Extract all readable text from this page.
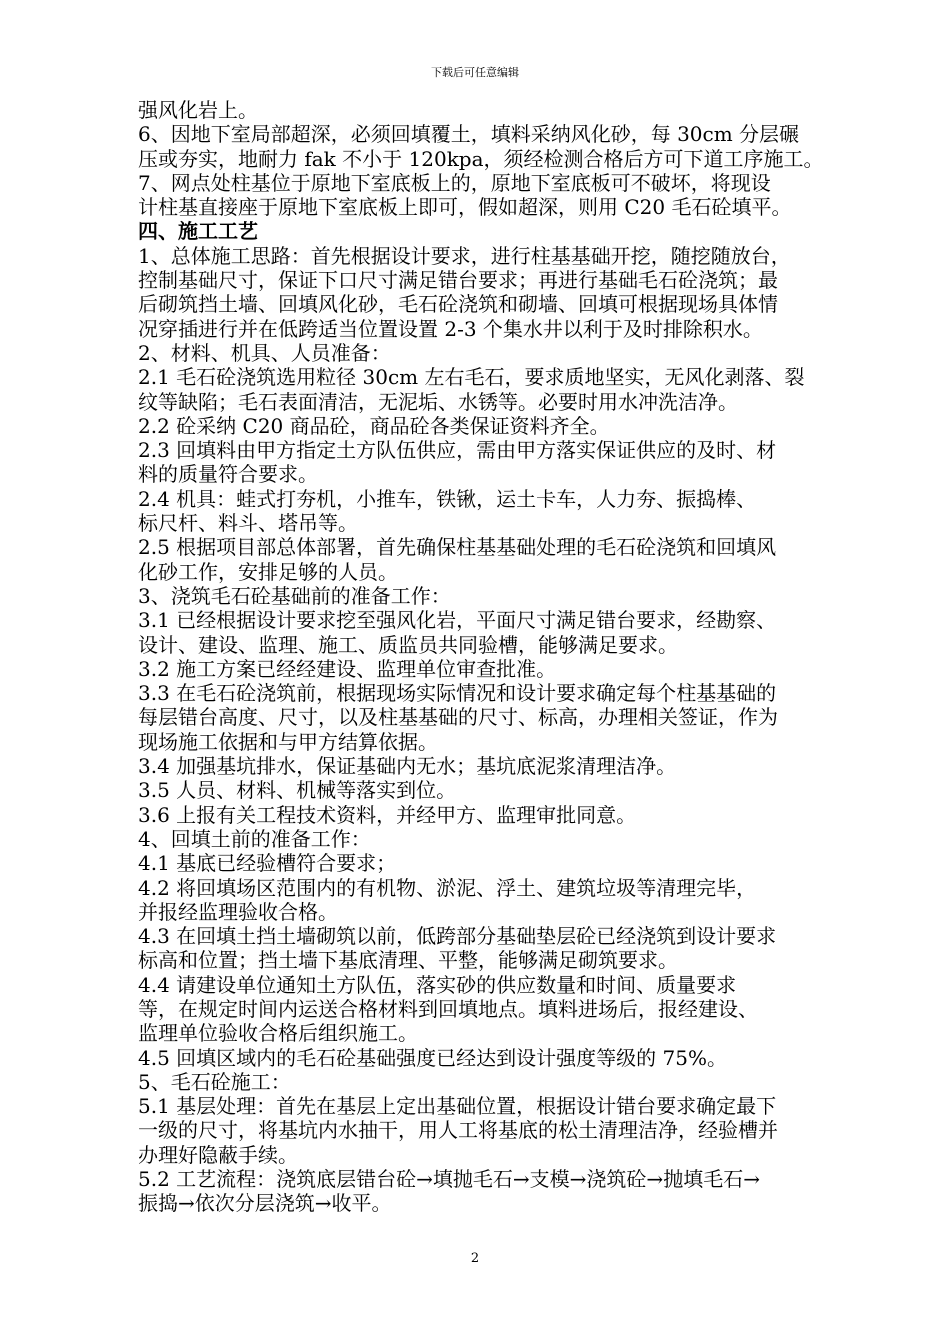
下载后可任意编辑
强风化岩上。
6、因地下室局部超深，必须回填覆土，填料采纳风化砂，每 30cm 分层碾
压或夯实，地耐力 fak 不小于 120kpa，须经检测合格后方可下道工序施工。
7、网点处柱基位于原地下室底板上的，原地下室底板可不破坏，将现设
计柱基直接座于原地下室底板上即可，假如超深，则用 C20 毛石砼填平。
四、施工工艺
1、总体施工思路：首先根据设计要求，进行柱基基础开挖，随挖随放台，
控制基础尺寸，保证下口尺寸满足错台要求；再进行基础毛石砼浇筑；最
后砌筑挡土墙、回填风化砂，毛石砼浇筑和砌墙、回填可根据现场具体情
况穿插进行并在低跨适当位置设置 2-3 个集水井以利于及时排除积水。
2、材料、机具、人员准备：
2.1 毛石砼浇筑选用粒径 30cm 左右毛石，要求质地坚实，无风化剥落、裂
纹等缺陷；毛石表面清洁，无泥垢、水锈等。必要时用水冲洗洁净。
2.2 砼采纳 C20 商品砼，商品砼各类保证资料齐全。
2.3 回填料由甲方指定土方队伍供应，需由甲方落实保证供应的及时、材
料的质量符合要求。
2.4 机具：蛙式打夯机，小推车，铁锹，运土卡车，人力夯、振捣棒、
标尺杆、料斗、塔吊等。
2.5 根据项目部总体部署，首先确保柱基基础处理的毛石砼浇筑和回填风
化砂工作，安排足够的人员。
3、浇筑毛石砼基础前的准备工作：
3.1 已经根据设计要求挖至强风化岩，平面尺寸满足错台要求，经勘察、
设计、建设、监理、施工、质监员共同验槽，能够满足要求。
3.2 施工方案已经经建设、监理单位审查批准。
3.3 在毛石砼浇筑前，根据现场实际情况和设计要求确定每个柱基基础的
每层错台高度、尺寸，以及柱基基础的尺寸、标高，办理相关签证，作为
现场施工依据和与甲方结算依据。
3.4 加强基坑排水，保证基础内无水；基坑底泥浆清理洁净。
3.5 人员、材料、机械等落实到位。
3.6 上报有关工程技术资料，并经甲方、监理审批同意。
4、回填土前的准备工作：
4.1 基底已经验槽符合要求；
4.2 将回填场区范围内的有机物、淤泥、浮土、建筑垃圾等清理完毕，
并报经监理验收合格。
4.3 在回填土挡土墙砌筑以前，低跨部分基础垫层砼已经浇筑到设计要求
标高和位置；挡土墙下基底清理、平整，能够满足砌筑要求。
4.4 请建设单位通知土方队伍，落实砂的供应数量和时间、质量要求
等，在规定时间内运送合格材料到回填地点。填料进场后，报经建设、
监理单位验收合格后组织施工。
4.5 回填区域内的毛石砼基础强度已经达到设计强度等级的 75%。
5、毛石砼施工：
5.1 基层处理：首先在基层上定出基础位置，根据设计错台要求确定最下
一级的尺寸，将基坑内水抽干，用人工将基底的松土清理洁净，经验槽并
办理好隐蔽手续。
5.2 工艺流程：浇筑底层错台砼→填抛毛石→支模→浇筑砼→抛填毛石→
振捣→依次分层浇筑→收平。
2
